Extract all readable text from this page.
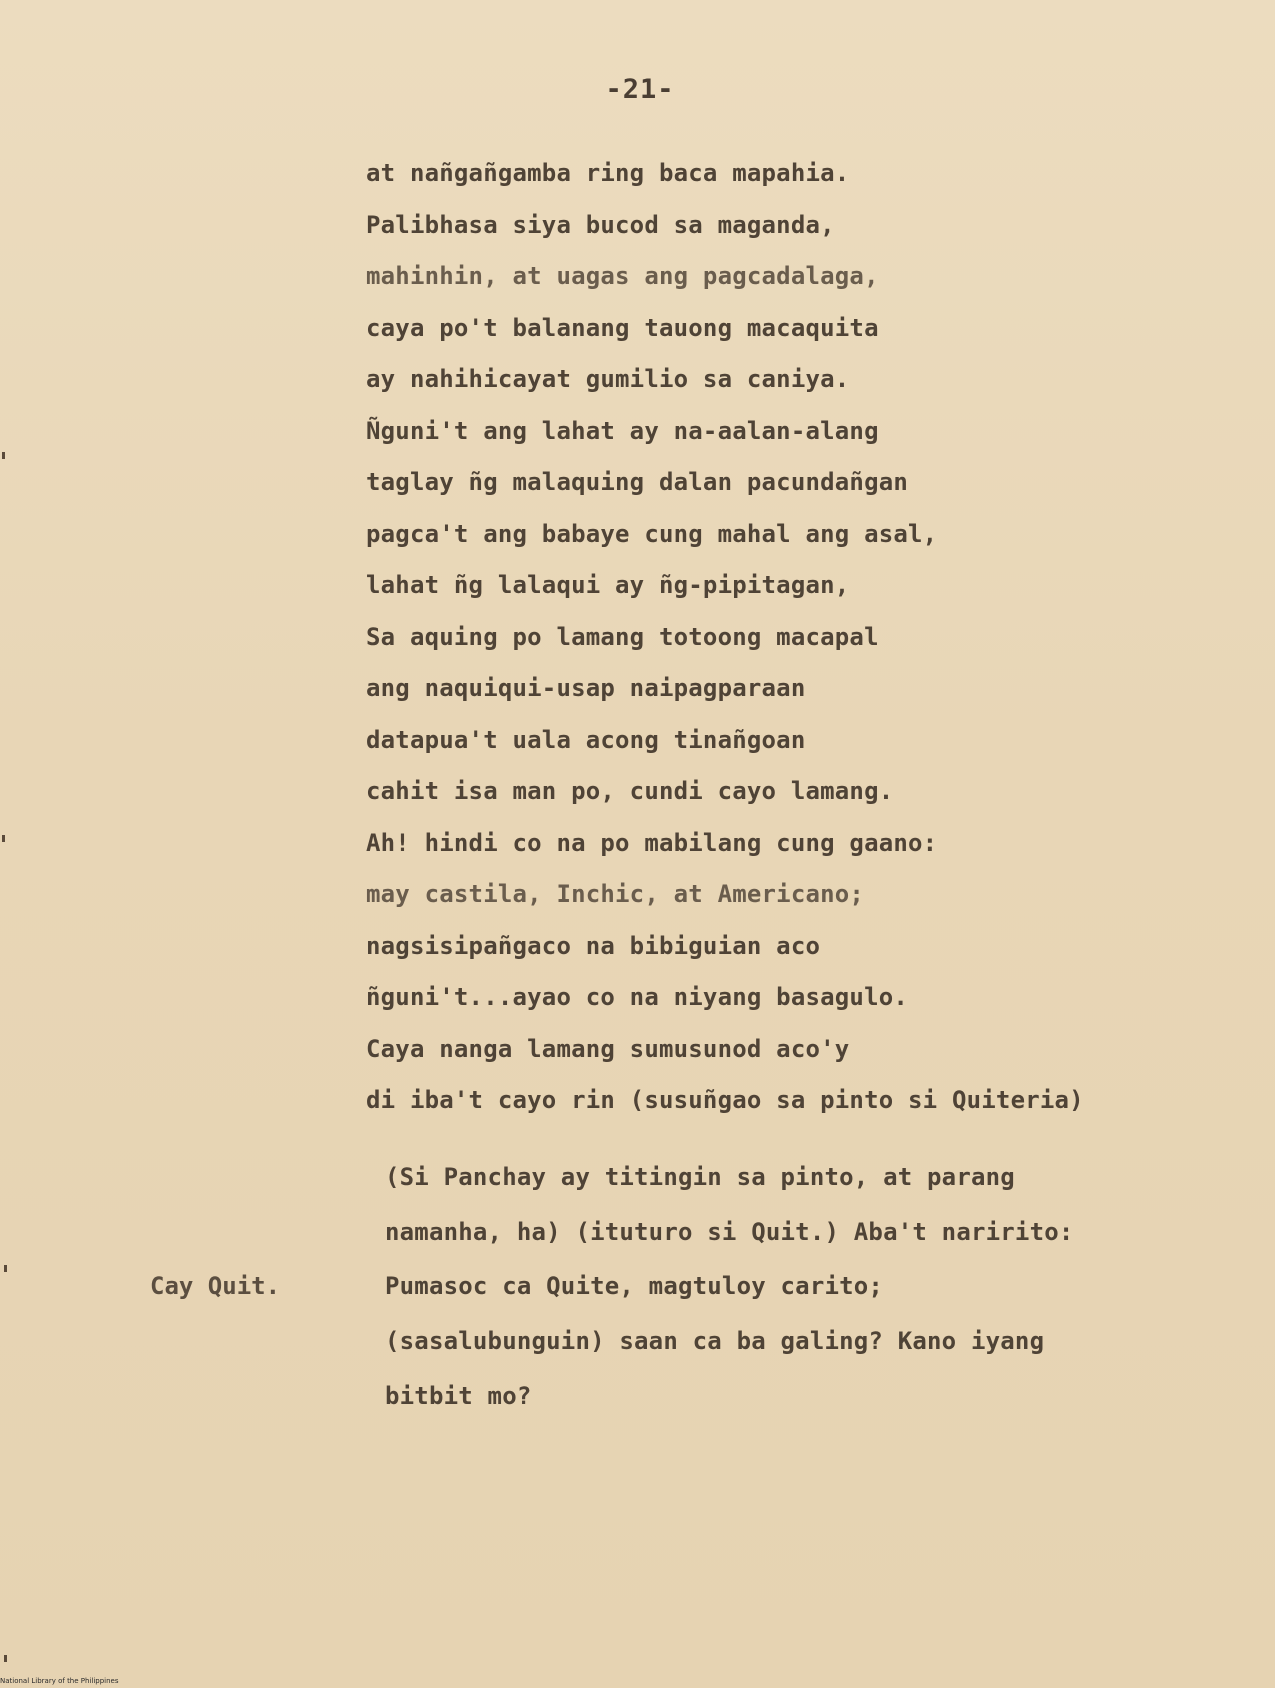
-21-
at nañgañgamba ring baca mapahia.
Palibhasa siya bucod sa maganda,
mahinhin, at uagas ang pagcadalaga,
caya po't balanang tauong macaquita
ay nahihicayat gumilio sa caniya.
Ñguni't ang lahat ay na-aalan-alang
taglay ñg malaquing dalan pacundañgan
pagca't ang babaye cung mahal ang asal,
lahat ñg lalaqui ay ñg-pipitagan,
Sa aquing po lamang totoong macapal
ang naquiqui-usap naipagparaan
datapua't uala acong tinañgoan
cahit isa man po, cundi cayo lamang.
Ah! hindi co na po mabilang cung gaano:
may castila, Inchic, at Americano;
nagsisipañgaco na bibiguian aco
ñguni't...ayao co na niyang basagulo.
Caya nanga lamang sumusunod aco'y
di iba't cayo rin (susuñgao sa pinto si Quiteria)
(Si Panchay ay titingin sa pinto, at parang
namanha, ha) (ituturo si Quit.) Aba't naririto:
Cay Quit.	Pumasoc ca Quite, magtuloy carito;
(sasalubunguin) saan ca ba galing? Kano iyang
bitbit mo?
National Library of the Philippines
